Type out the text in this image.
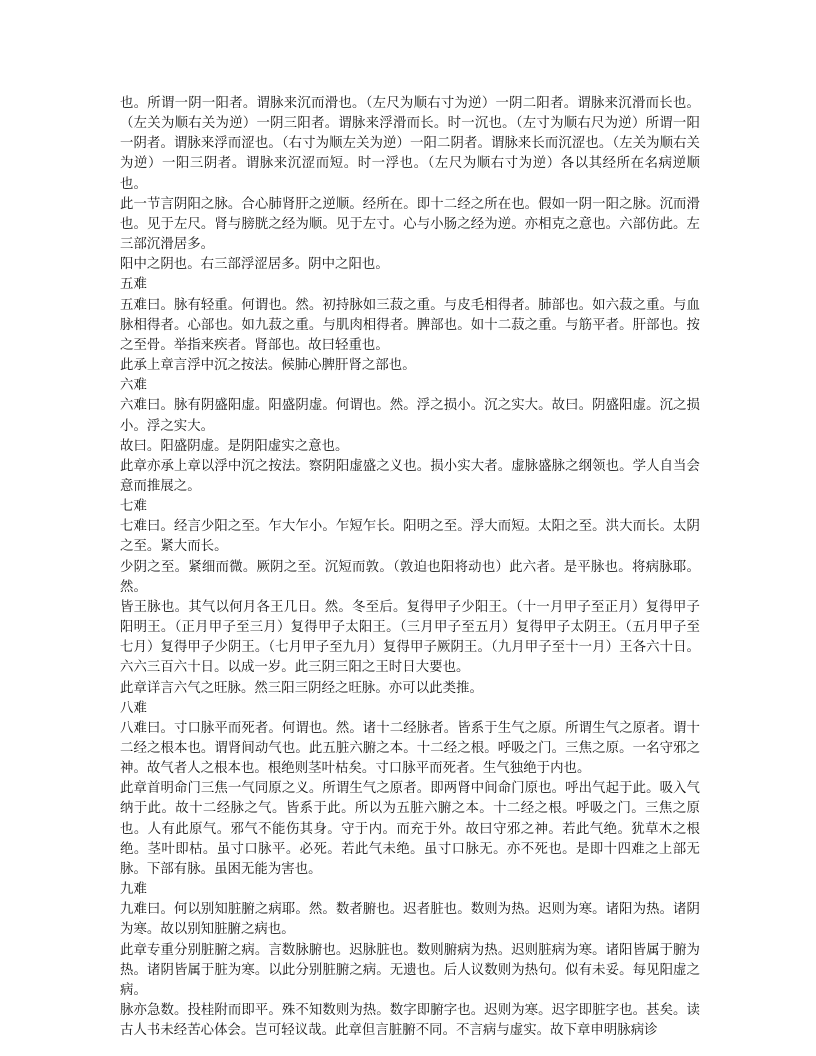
也。所谓一阴一阳者。谓脉来沉而滑也。（左尺为顺右寸为逆）一阴二阳者。谓脉来沉滑而长也。（左关为顺右关为逆）一阴三阳者。谓脉来浮滑而长。时一沉也。（左寸为顺右尺为逆）所谓一阳一阴者。谓脉来浮而涩也。（右寸为顺左关为逆）一阳二阴者。谓脉来长而沉涩也。（左关为顺右关为逆）一阳三阴者。谓脉来沉涩而短。时一浮也。（左尺为顺右寸为逆）各以其经所在名病逆顺也。

此一节言阴阳之脉。合心肺肾肝之逆顺。经所在。即十二经之所在也。假如一阴一阳之脉。沉而滑也。见于左尺。肾与膀胱之经为顺。见于左寸。心与小肠之经为逆。亦相克之意也。六部仿此。左三部沉滑居多。

阳中之阴也。右三部浮涩居多。阴中之阳也。

五难

五难曰。脉有轻重。何谓也。然。初持脉如三菽之重。与皮毛相得者。肺部也。如六菽之重。与血脉相得者。心部也。如九菽之重。与肌肉相得者。脾部也。如十二菽之重。与筋平者。肝部也。按之至骨。举指来疾者。肾部也。故曰轻重也。

此承上章言浮中沉之按法。候肺心脾肝肾之部也。

六难

六难曰。脉有阴盛阳虚。阳盛阴虚。何谓也。然。浮之损小。沉之实大。故曰。阴盛阳虚。沉之损小。浮之实大。

故曰。阳盛阴虚。是阴阳虚实之意也。

此章亦承上章以浮中沉之按法。察阴阳虚盛之义也。损小实大者。虚脉盛脉之纲领也。学人自当会意而推展之。

七难

七难曰。经言少阳之至。乍大乍小。乍短乍长。阳明之至。浮大而短。太阳之至。洪大而长。太阴之至。紧大而长。

少阴之至。紧细而微。厥阴之至。沉短而敦。（敦迫也阳将动也）此六者。是平脉也。将病脉耶。然。

皆王脉也。其气以何月各王几日。然。冬至后。复得甲子少阳王。（十一月甲子至正月）复得甲子阳明王。（正月甲子至三月）复得甲子太阳王。（三月甲子至五月）复得甲子太阴王。（五月甲子至七月）复得甲子少阴王。（七月甲子至九月）复得甲子厥阴王。（九月甲子至十一月）王各六十日。六六三百六十日。以成一岁。此三阴三阳之王时日大要也。

此章详言六气之旺脉。然三阳三阴经之旺脉。亦可以此类推。

八难

八难曰。寸口脉平而死者。何谓也。然。诸十二经脉者。皆系于生气之原。所谓生气之原者。谓十二经之根本也。谓肾间动气也。此五脏六腑之本。十二经之根。呼吸之门。三焦之原。一名守邪之神。故气者人之根本也。根绝则茎叶枯矣。寸口脉平而死者。生气独绝于内也。

此章首明命门三焦一气同原之义。所谓生气之原者。即两肾中间命门原也。呼出气起于此。吸入气纳于此。故十二经脉之气。皆系于此。所以为五脏六腑之本。十二经之根。呼吸之门。三焦之原也。人有此原气。邪气不能伤其身。守于内。而充于外。故曰守邪之神。若此气绝。犹草木之根绝。茎叶即枯。虽寸口脉平。必死。若此气未绝。虽寸口脉无。亦不死也。是即十四难之上部无脉。下部有脉。虽困无能为害也。

九难

九难曰。何以别知脏腑之病耶。然。数者腑也。迟者脏也。数则为热。迟则为寒。诸阳为热。诸阴为寒。故以别知脏腑之病也。

此章专重分别脏腑之病。言数脉腑也。迟脉脏也。数则腑病为热。迟则脏病为寒。诸阳皆属于腑为热。诸阴皆属于脏为寒。以此分别脏腑之病。无遗也。后人议数则为热句。似有未妥。每见阳虚之病。

脉亦急数。投桂附而即平。殊不知数则为热。数字即腑字也。迟则为寒。迟字即脏字也。甚矣。读古人书未经苦心体会。岂可轻议哉。此章但言脏腑不同。不言病与虚实。故下章申明脉病诊
